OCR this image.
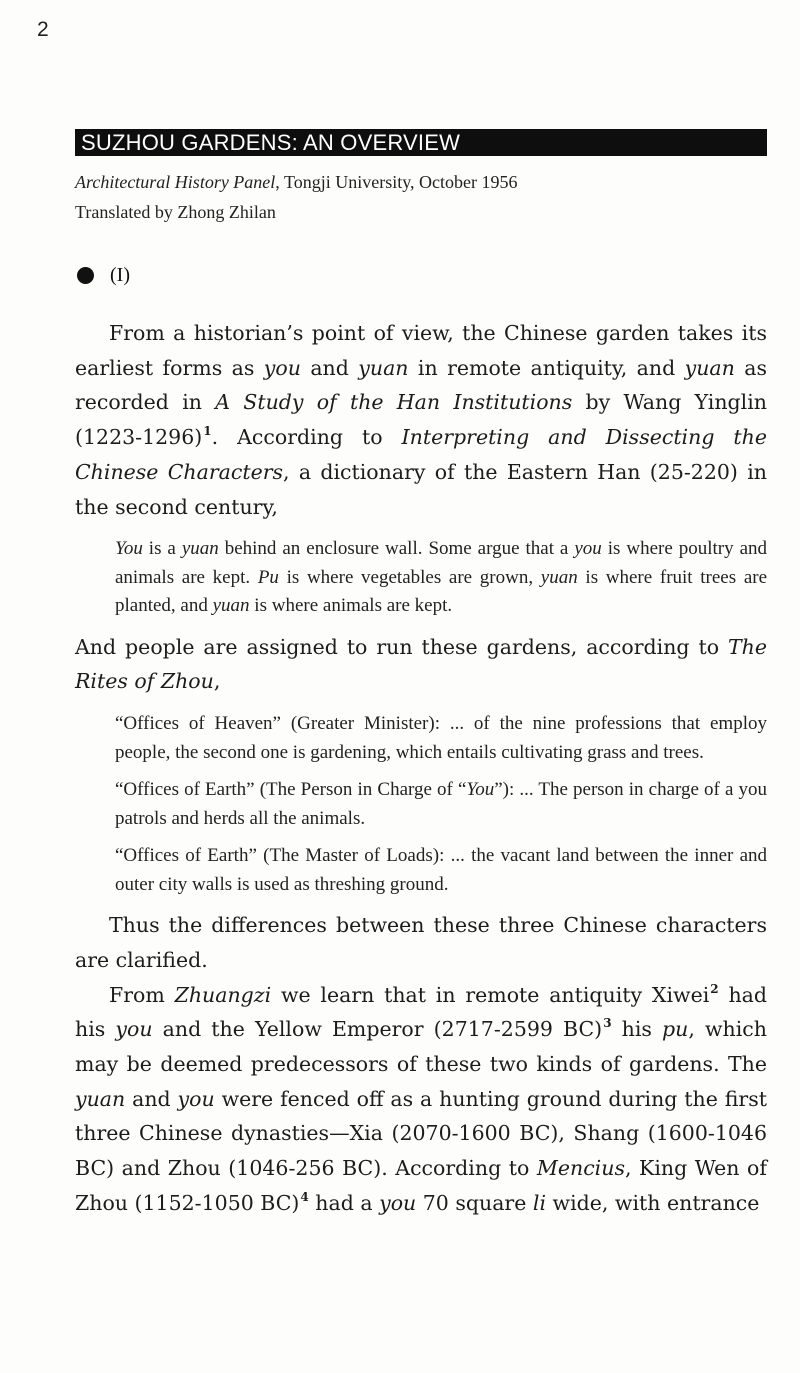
2
SUZHOU GARDENS: AN OVERVIEW
Architectural History Panel, Tongji University, October 1956
Translated by Zhong Zhilan
(I)

From a historian’s point of view, the Chinese garden takes its earliest forms as you and yuan in remote antiquity, and yuan as recorded in A Study of the Han Institutions by Wang Yinglin (1223-1296)$^1$. According to Interpreting and Dissecting the Chinese Characters, a dictionary of the Eastern Han (25-220) in the second century,

You is a yuan behind an enclosure wall. Some argue that a you is where poultry and animals are kept. Pu is where vegetables are grown, yuan is where fruit trees are planted, and yuan is where animals are kept.

And people are assigned to run these gardens, according to The Rites of Zhou,

“Offices of Heaven” (Greater Minister): ... of the nine professions that employ people, the second one is gardening, which entails cultivating grass and trees.

“Offices of Earth” (The Person in Charge of “You”): ... The person in charge of a you patrols and herds all the animals.

“Offices of Earth” (The Master of Loads): ... the vacant land between the inner and outer city walls is used as threshing ground.

Thus the differences between these three Chinese characters are clarified.

From Zhuangzi we learn that in remote antiquity Xiwei$^2$ had his you and the Yellow Emperor (2717-2599 BC)$^3$ his pu, which may be deemed predecessors of these two kinds of gardens. The yuan and you were fenced off as a hunting ground during the first three Chinese dynasties—Xia (2070-1600 BC), Shang (1600-1046 BC) and Zhou (1046-256 BC). According to Mencius, King Wen of Zhou (1152-1050 BC)$^4$ had a you 70 square li wide, with entrance
